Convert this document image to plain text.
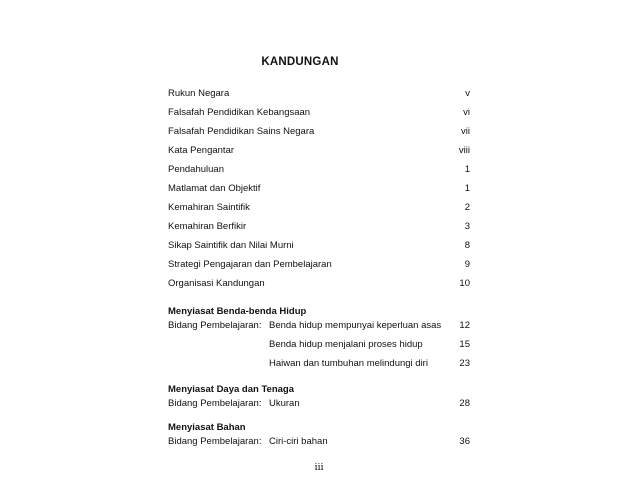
KANDUNGAN
Rukun Negara	v
Falsafah Pendidikan Kebangsaan	vi
Falsafah Pendidikan Sains Negara	vii
Kata Pengantar	viii
Pendahuluan	1
Matlamat dan Objektif	1
Kemahiran Saintifik	2
Kemahiran Berfikir	3
Sikap Saintifik dan Nilai Murni	8
Strategi Pengajaran dan Pembelajaran	9
Organisasi Kandungan	10
Menyiasat Benda-benda Hidup
Bidang Pembelajaran: Benda hidup mempunyai keperluan asas 12
Benda hidup menjalani proses hidup	15
Haiwan dan tumbuhan melindungi diri	23
Menyiasat Daya dan Tenaga
Bidang Pembelajaran: Ukuran	28
Menyiasat Bahan
Bidang Pembelajaran: Ciri-ciri bahan	36
iii
